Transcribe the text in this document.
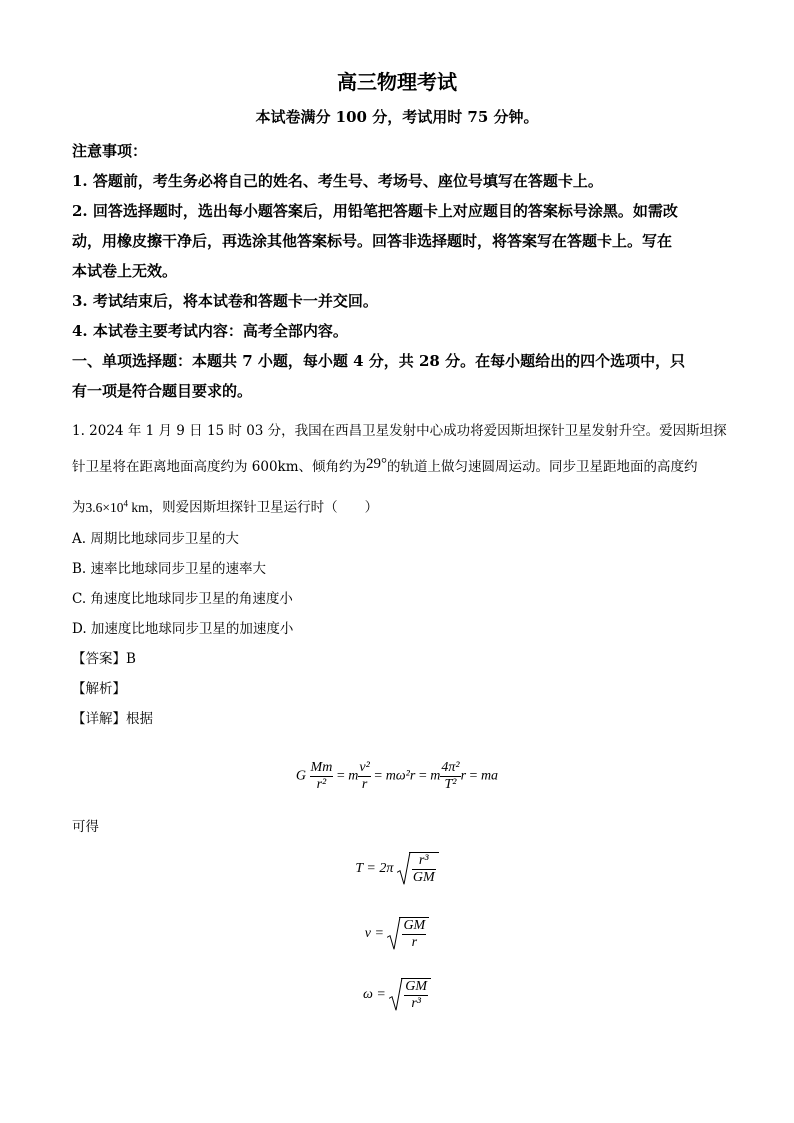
高三物理考试
本试卷满分 100 分，考试用时 75 分钟。
注意事项：
1. 答题前，考生务必将自己的姓名、考生号、考场号、座位号填写在答题卡上。
2. 回答选择题时，选出每小题答案后，用铅笔把答题卡上对应题目的答案标号涂黑。如需改
动，用橡皮擦干净后，再选涂其他答案标号。回答非选择题时，将答案写在答题卡上。写在
本试卷上无效。
3. 考试结束后，将本试卷和答题卡一并交回。
4. 本试卷主要考试内容：高考全部内容。
一、单项选择题：本题共 7 小题，每小题 4 分，共 28 分。在每小题给出的四个选项中，只
有一项是符合题目要求的。
1. 2024 年 1 月 9 日 15 时 03 分，我国在西昌卫星发射中心成功将爱因斯坦探针卫星发射升空。爱因斯坦探
针卫星将在距离地面高度约为 600km、倾角约为29°的轨道上做匀速圆周运动。同步卫星距地面的高度约
为$3.6\times 10^4$ km，则爱因斯坦探针卫星运行时（　　）
A. 周期比地球同步卫星的大
B. 速率比地球同步卫星的速率大
C. 角速度比地球同步卫星的角速度小
D. 加速度比地球同步卫星的加速度小
【答案】B
【解析】
【详解】根据
G $\frac{Mm}{\text{r²}} = m \frac{\text{v²}}{r} = m\omega^2r = m \frac{\text{4π²}}{\text{T²}}$ r = ma
可得
$T = 2\pi \frac{\text{r³}}{GM}$
$v = \frac{GM}{r}$
$\omega = \frac{GM}{\text{r³}}$
